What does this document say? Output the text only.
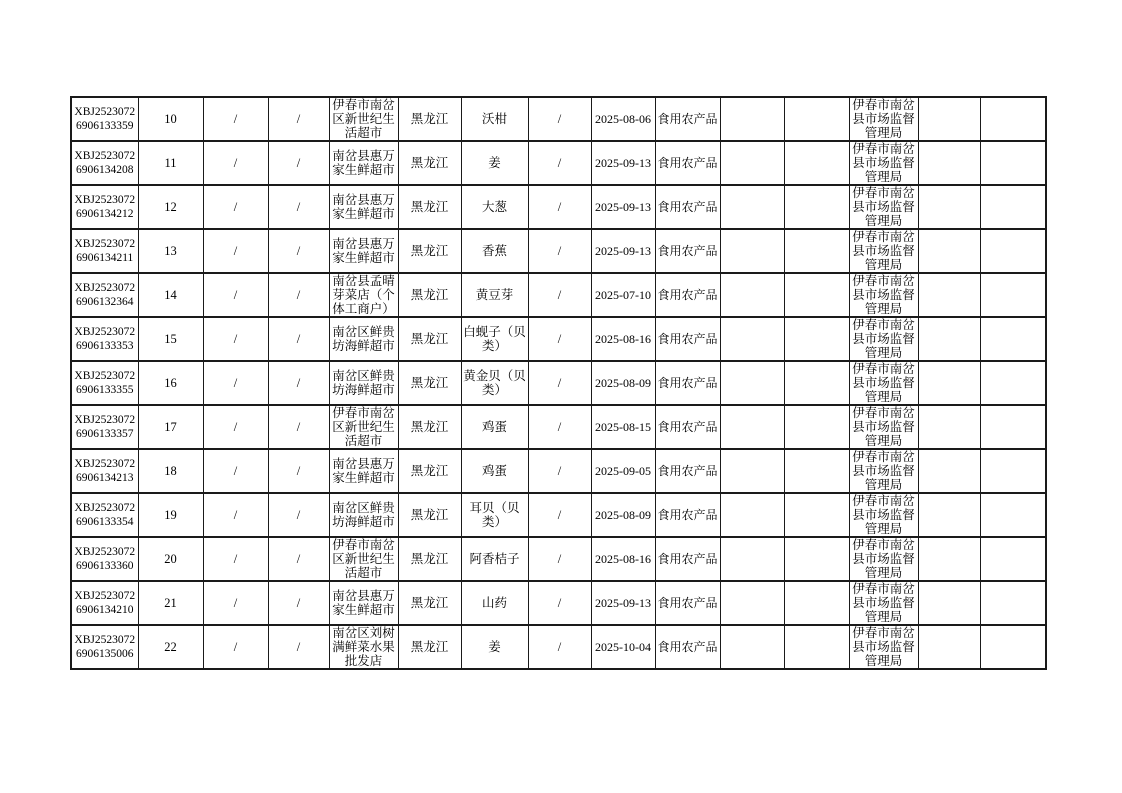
XBJ25230726906133359	10	/	/	伊春市南岔区新世纪生活超市	黑龙江	沃柑	/	2025-08-06	食用农产品			伊春市南岔县市场监督管理局		
XBJ25230726906134208	11	/	/	南岔县惠万家生鲜超市	黑龙江	姜	/	2025-09-13	食用农产品			伊春市南岔县市场监督管理局		
XBJ25230726906134212	12	/	/	南岔县惠万家生鲜超市	黑龙江	大葱	/	2025-09-13	食用农产品			伊春市南岔县市场监督管理局		
XBJ25230726906134211	13	/	/	南岔县惠万家生鲜超市	黑龙江	香蕉	/	2025-09-13	食用农产品			伊春市南岔县市场监督管理局		
XBJ25230726906132364	14	/	/	南岔县孟晴芽菜店（个体工商户）	黑龙江	黄豆芽	/	2025-07-10	食用农产品			伊春市南岔县市场监督管理局		
XBJ25230726906133353	15	/	/	南岔区鲜贵坊海鲜超市	黑龙江	白蚬子（贝类）	/	2025-08-16	食用农产品			伊春市南岔县市场监督管理局		
XBJ25230726906133355	16	/	/	南岔区鲜贵坊海鲜超市	黑龙江	黄金贝（贝类）	/	2025-08-09	食用农产品			伊春市南岔县市场监督管理局		
XBJ25230726906133357	17	/	/	伊春市南岔区新世纪生活超市	黑龙江	鸡蛋	/	2025-08-15	食用农产品			伊春市南岔县市场监督管理局		
XBJ25230726906134213	18	/	/	南岔县惠万家生鲜超市	黑龙江	鸡蛋	/	2025-09-05	食用农产品			伊春市南岔县市场监督管理局		
XBJ25230726906133354	19	/	/	南岔区鲜贵坊海鲜超市	黑龙江	耳贝（贝类）	/	2025-08-09	食用农产品			伊春市南岔县市场监督管理局		
XBJ25230726906133360	20	/	/	伊春市南岔区新世纪生活超市	黑龙江	阿香桔子	/	2025-08-16	食用农产品			伊春市南岔县市场监督管理局		
XBJ25230726906134210	21	/	/	南岔县惠万家生鲜超市	黑龙江	山药	/	2025-09-13	食用农产品			伊春市南岔县市场监督管理局		
XBJ25230726906135006	22	/	/	南岔区刘树满鲜菜水果批发店	黑龙江	姜	/	2025-10-04	食用农产品			伊春市南岔县市场监督管理局		
